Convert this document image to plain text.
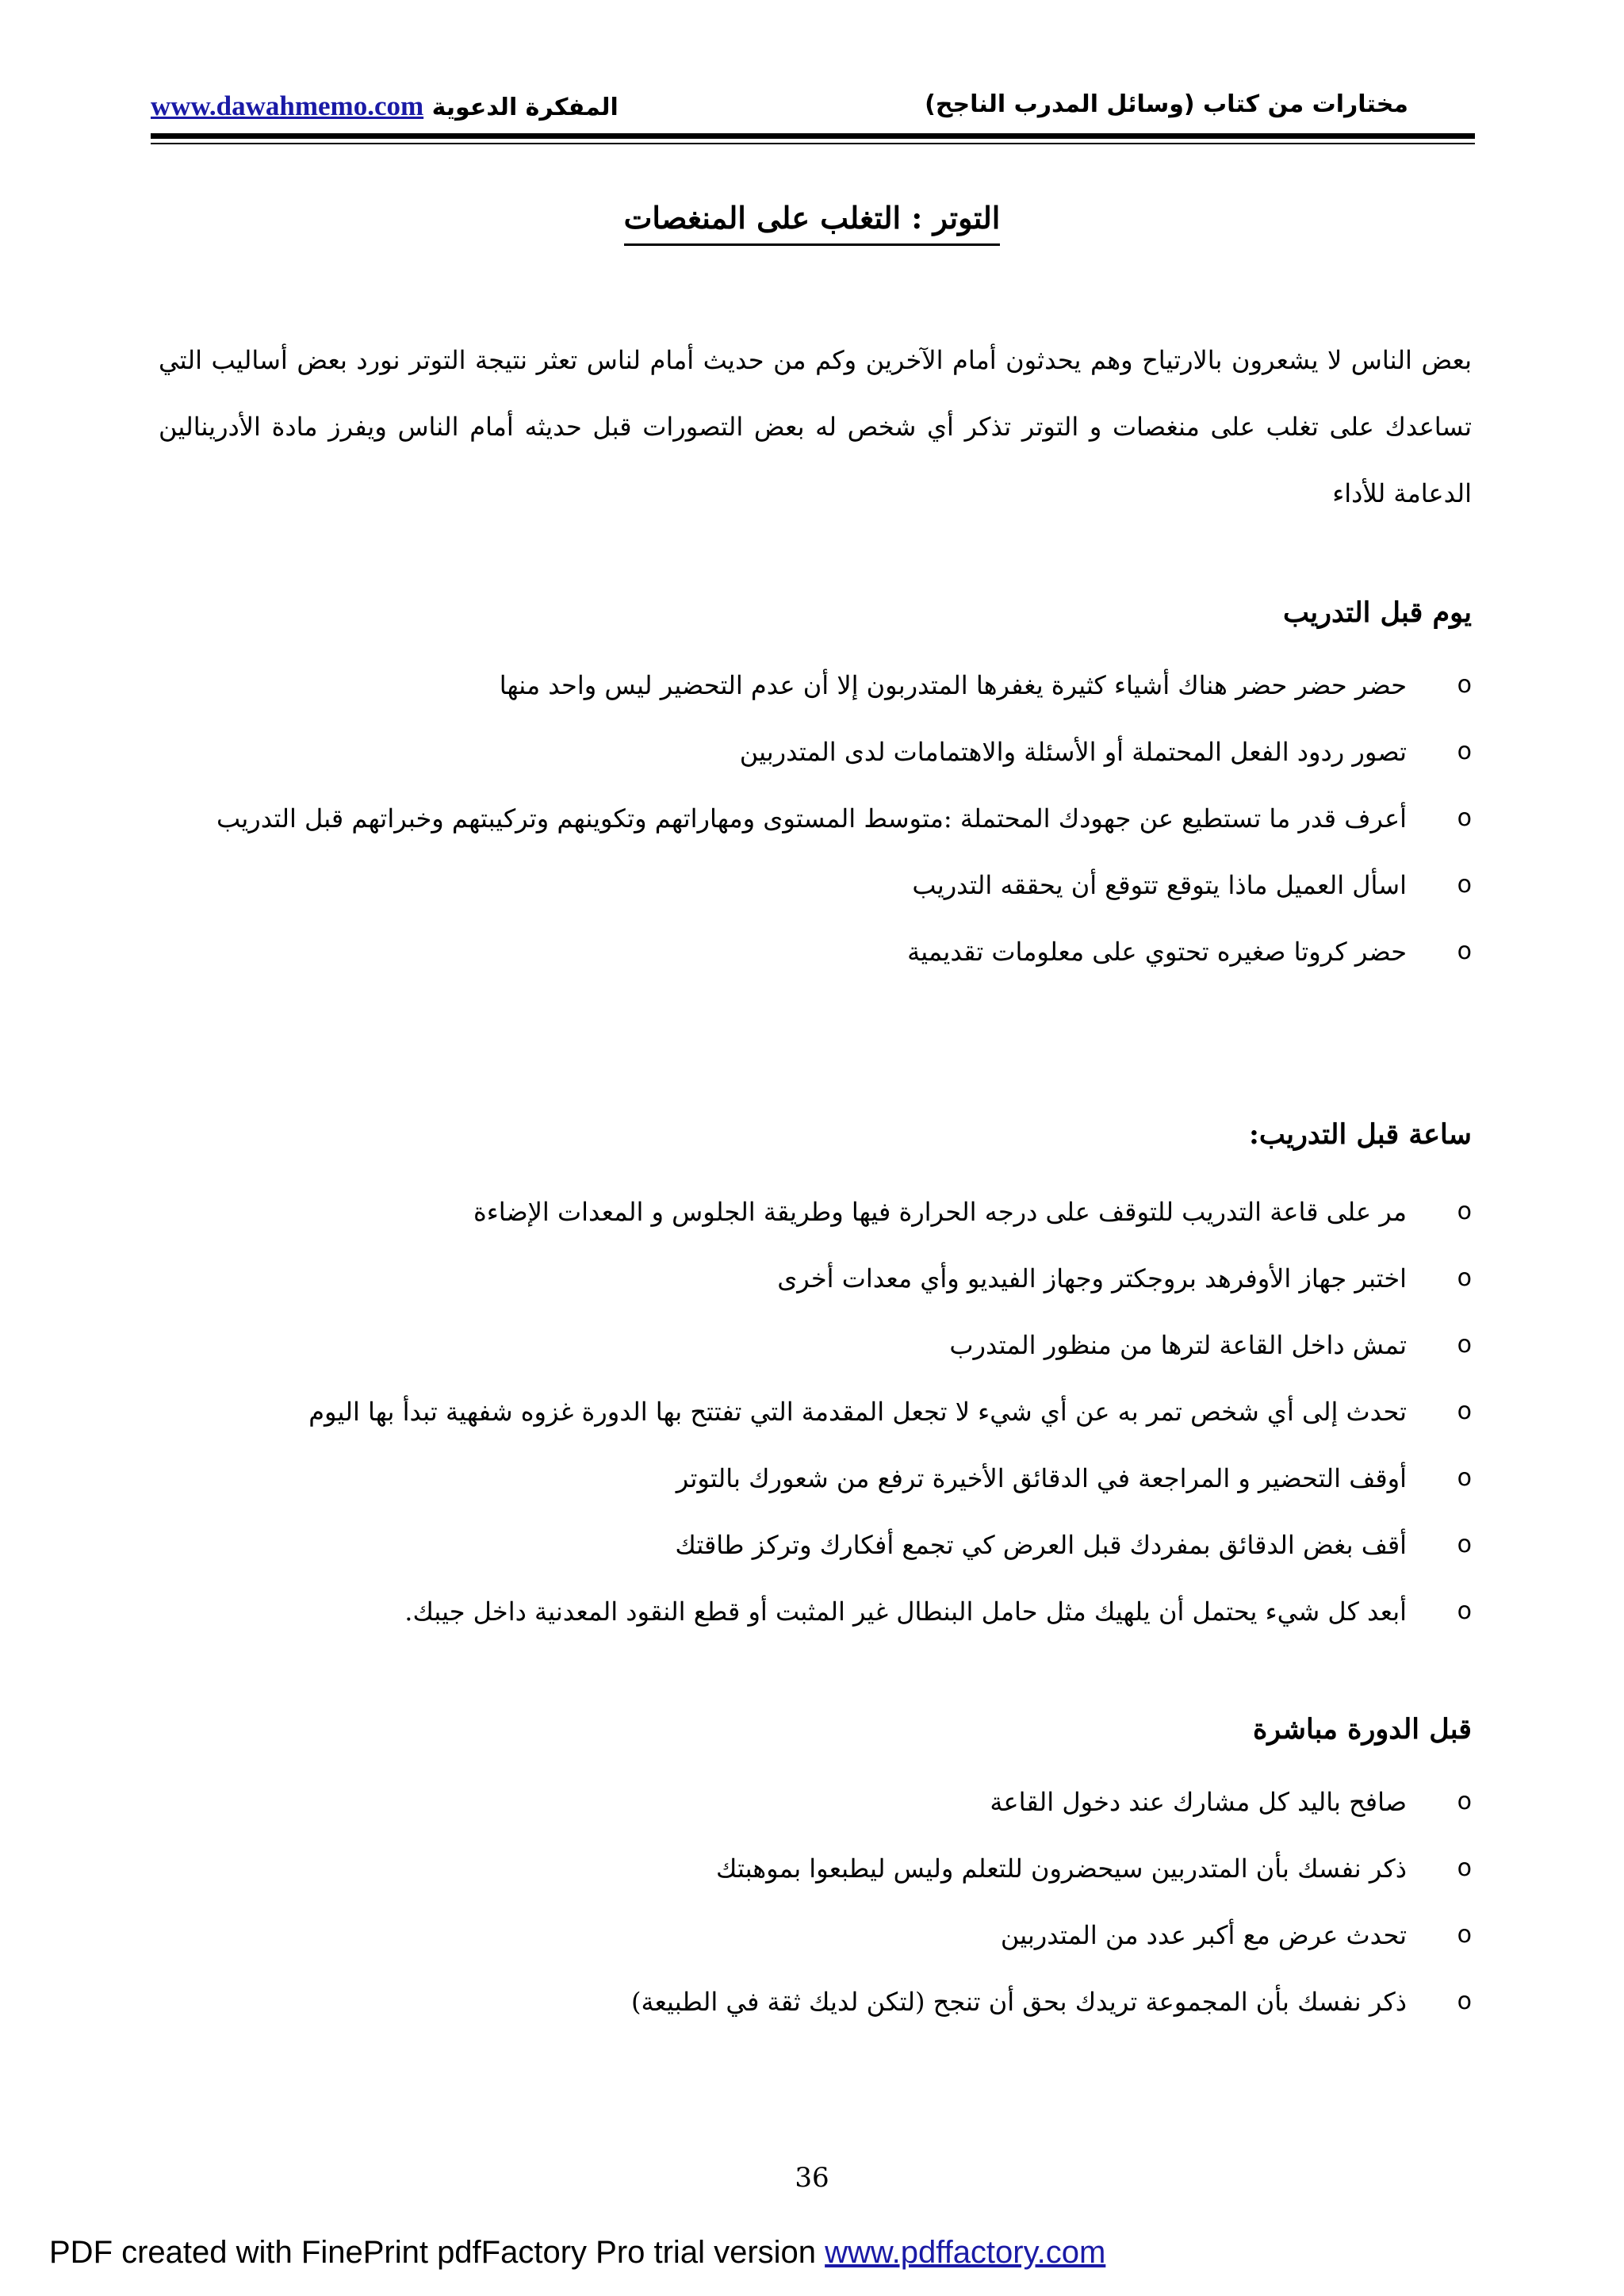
مختارات من كتاب (وسائل المدرب الناجح)
المفكرة الدعوية www.dawahmemo.com
التوتر : التغلب على المنغصات
بعض الناس لا يشعرون بالارتياح وهم يحدثون أمام الآخرين وكم من حديث أمام لناس تعثر نتيجة التوتر نورد بعض أساليب التي تساعدك على تغلب على منغصات و التوتر تذكر أي شخص له بعض التصورات قبل حديثه أمام الناس ويفرز مادة الأدرينالين الدعامة للأداء
يوم قبل التدريب
o
حضر حضر حضر هناك أشياء كثيرة يغفرها المتدربون إلا أن عدم التحضير ليس واحد منها
o
تصور ردود الفعل المحتملة أو الأسئلة والاهتمامات لدى المتدربين
o
أعرف قدر ما تستطيع عن جهودك المحتملة :متوسط المستوى ومهاراتهم وتكوينهم وتركيبتهم وخبراتهم قبل التدريب
o
اسأل العميل ماذا يتوقع تتوقع أن يحققه التدريب
o
حضر كروتا صغيره تحتوي على معلومات تقديمية
ساعة قبل التدريب:
o
مر على قاعة التدريب للتوقف على درجه الحرارة فيها وطريقة الجلوس و المعدات الإضاءة
o
اختبر جهاز الأوفرهد بروجكتر وجهاز الفيديو وأي معدات أخرى
o
تمش داخل القاعة لترها من منظور المتدرب
o
تحدث إلى أي شخص تمر به عن أي شيء لا تجعل المقدمة التي تفتتح بها الدورة غزوه شفهية تبدأ بها اليوم
o
أوقف التحضير و المراجعة في الدقائق الأخيرة ترفع من شعورك بالتوتر
o
أقف بغض الدقائق بمفردك قبل العرض كي تجمع أفكارك وتركز طاقتك
o
أبعد كل شيء يحتمل أن يلهيك مثل حامل البنطال غير المثبت أو قطع النقود المعدنية داخل جيبك.
قبل الدورة مباشرة
o
صافح باليد كل مشارك عند دخول القاعة
o
ذكر نفسك بأن المتدربين سيحضرون للتعلم وليس ليطبعوا بموهبتك
o
تحدث عرض مع أكبر عدد من المتدربين
o
ذكر نفسك بأن المجموعة تريدك بحق أن تنجح (لتكن لديك ثقة في الطبيعة)
36
PDF created with FinePrint pdfFactory Pro trial version www.pdffactory.com
